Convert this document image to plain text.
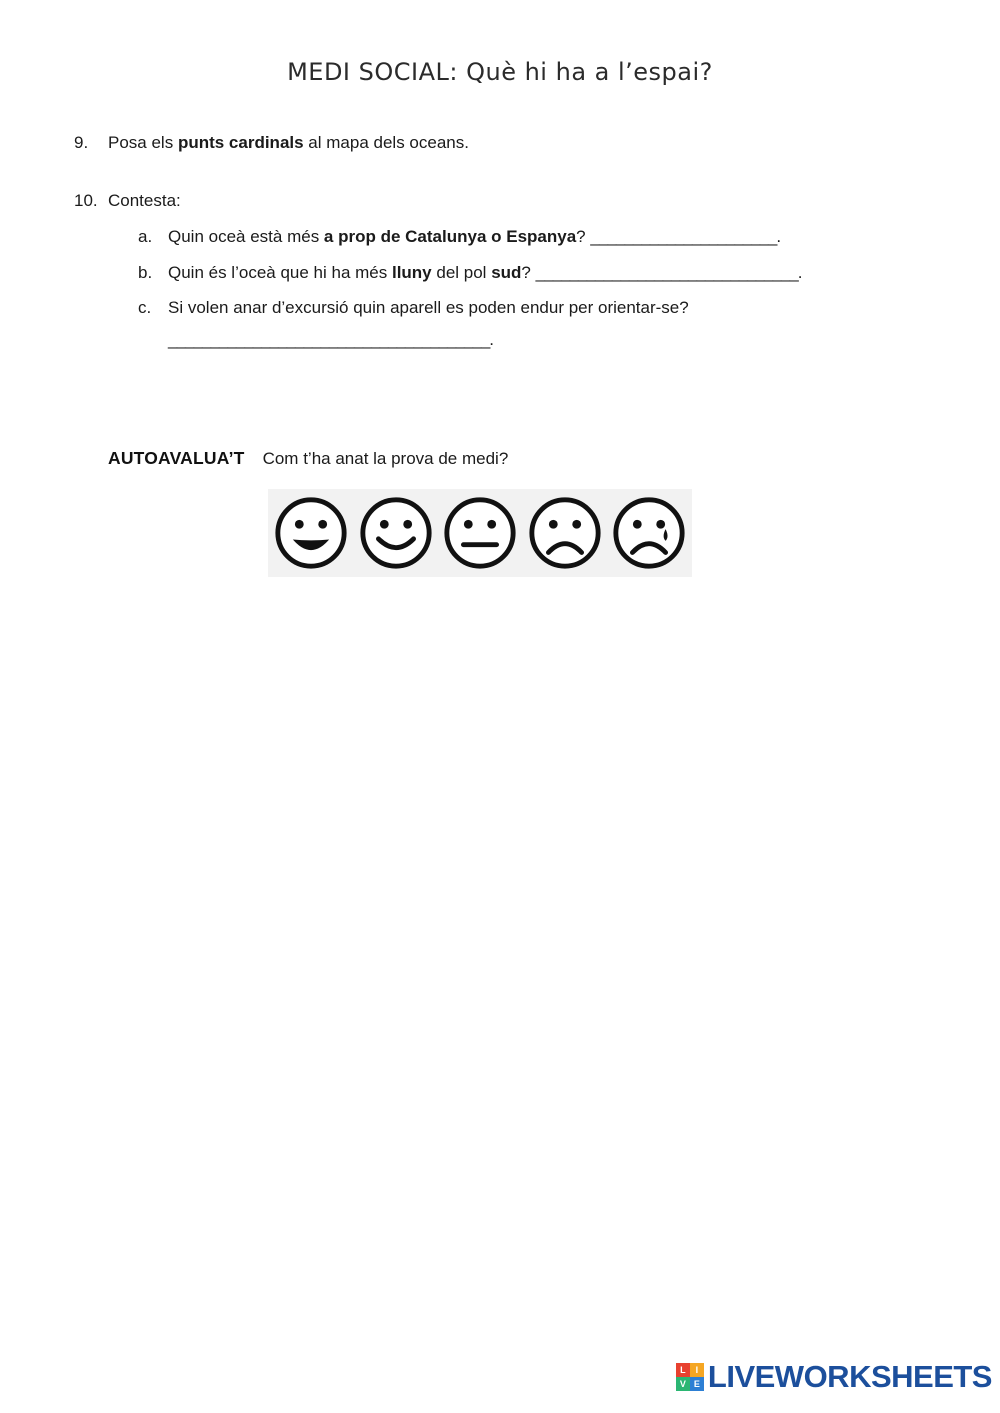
MEDI SOCIAL: Què hi ha a l’espai?
9.	Posa els punts cardinals al mapa dels oceans.
10. Contesta:
a. Quin oceà està més a prop de Catalunya o Espanya? ______________________.
b. Quin és l’oceà que hi ha més lluny del pol sud? _______________________________.
c. Si volen anar d’excursió quin aparell es poden endur per orientar-se?
______________________________________.
AUTOAVALUA’T Com t’ha anat la prova de medi?
L	I
V E LIVEWORKSHEETS
